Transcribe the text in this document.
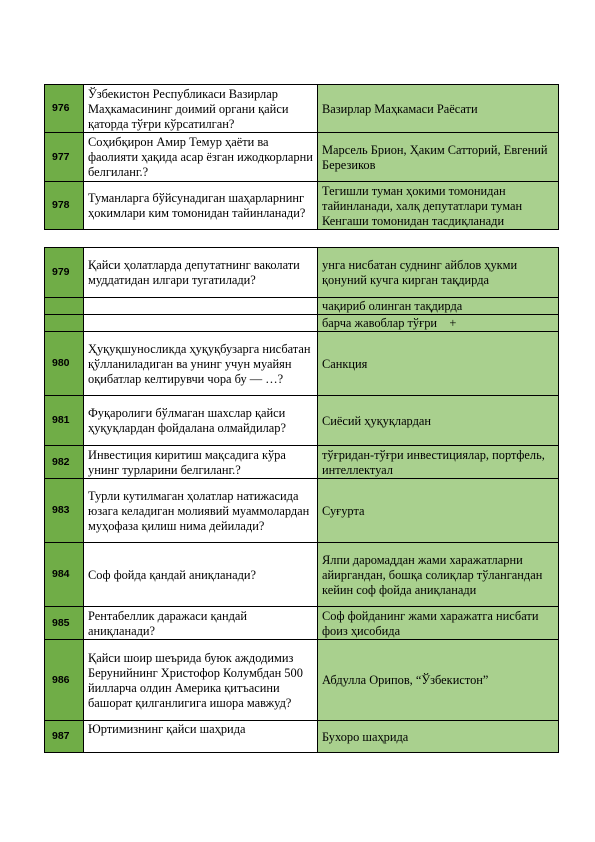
976	Ўзбекистон Республикаси Вазирлар Маҳкамасининг доимий органи қайси қаторда тўғри кўрсатилган?	Вазирлар Маҳкамаси Раёсати
977	Соҳибқирон Амир Темур ҳаёти ва фаолияти ҳақида асар ёзган ижодкорларни белгиланг.?	Марсель Брион, Ҳаким Сатторий, Евгений Березиков
978	Туманларга бўйсунадиган шаҳарларнинг ҳокимлари ким томонидан тайинланади?	Тегишли туман ҳокими томонидан тайинланади, халқ депутатлари туман Кенгаши томонидан тасдиқланади
979	Қайси ҳолатларда депутатнинг ваколати муддатидан илгари тугатилади?	унга нисбатан суднинг айблов ҳукми қонуний кучга кирган тақдирда
		чақириб олинган тақдирда
		барча жавоблар тўғри    +
980	Ҳуқуқшуносликда ҳуқуқбузарга нисбатан қўлланиладиган ва унинг учун муайян оқибатлар келтирувчи чора бу — …?	Санкция
981	Фуқаролиги бўлмаган шахслар қайси ҳуқуқлардан фойдалана олмайдилар?	Сиёсий ҳуқуқлардан
982	Инвестиция киритиш мақсадига кўра унинг турларини белгиланг.?	тўғридан-тўғри инвестициялар, портфель, интеллектуал
983	Турли кутилмаган ҳолатлар натижасида юзага келадиган молиявий муаммолардан муҳофаза қилиш нима дейилади?	Суғурта
984	Соф фойда қандай аниқланади?	Ялпи даромаддан жами харажатларни айиргандан, бошқа солиқлар тўлангандан кейин соф фойда аниқланади
985	Рентабеллик даражаси қандай аниқланади?	Соф фойданинг жами харажатга нисбати фоиз ҳисобида
986	Қайси шоир шеърида буюк аждодимиз Берунийнинг Христофор Колумбдан 500 йилларча олдин Америка қитъасини башорат қилганлигига ишора мавжуд?	Абдулла Орипов, “Ўзбекистон”
987	Юртимизнинг қайси шаҳрида	Бухоро шаҳрида
